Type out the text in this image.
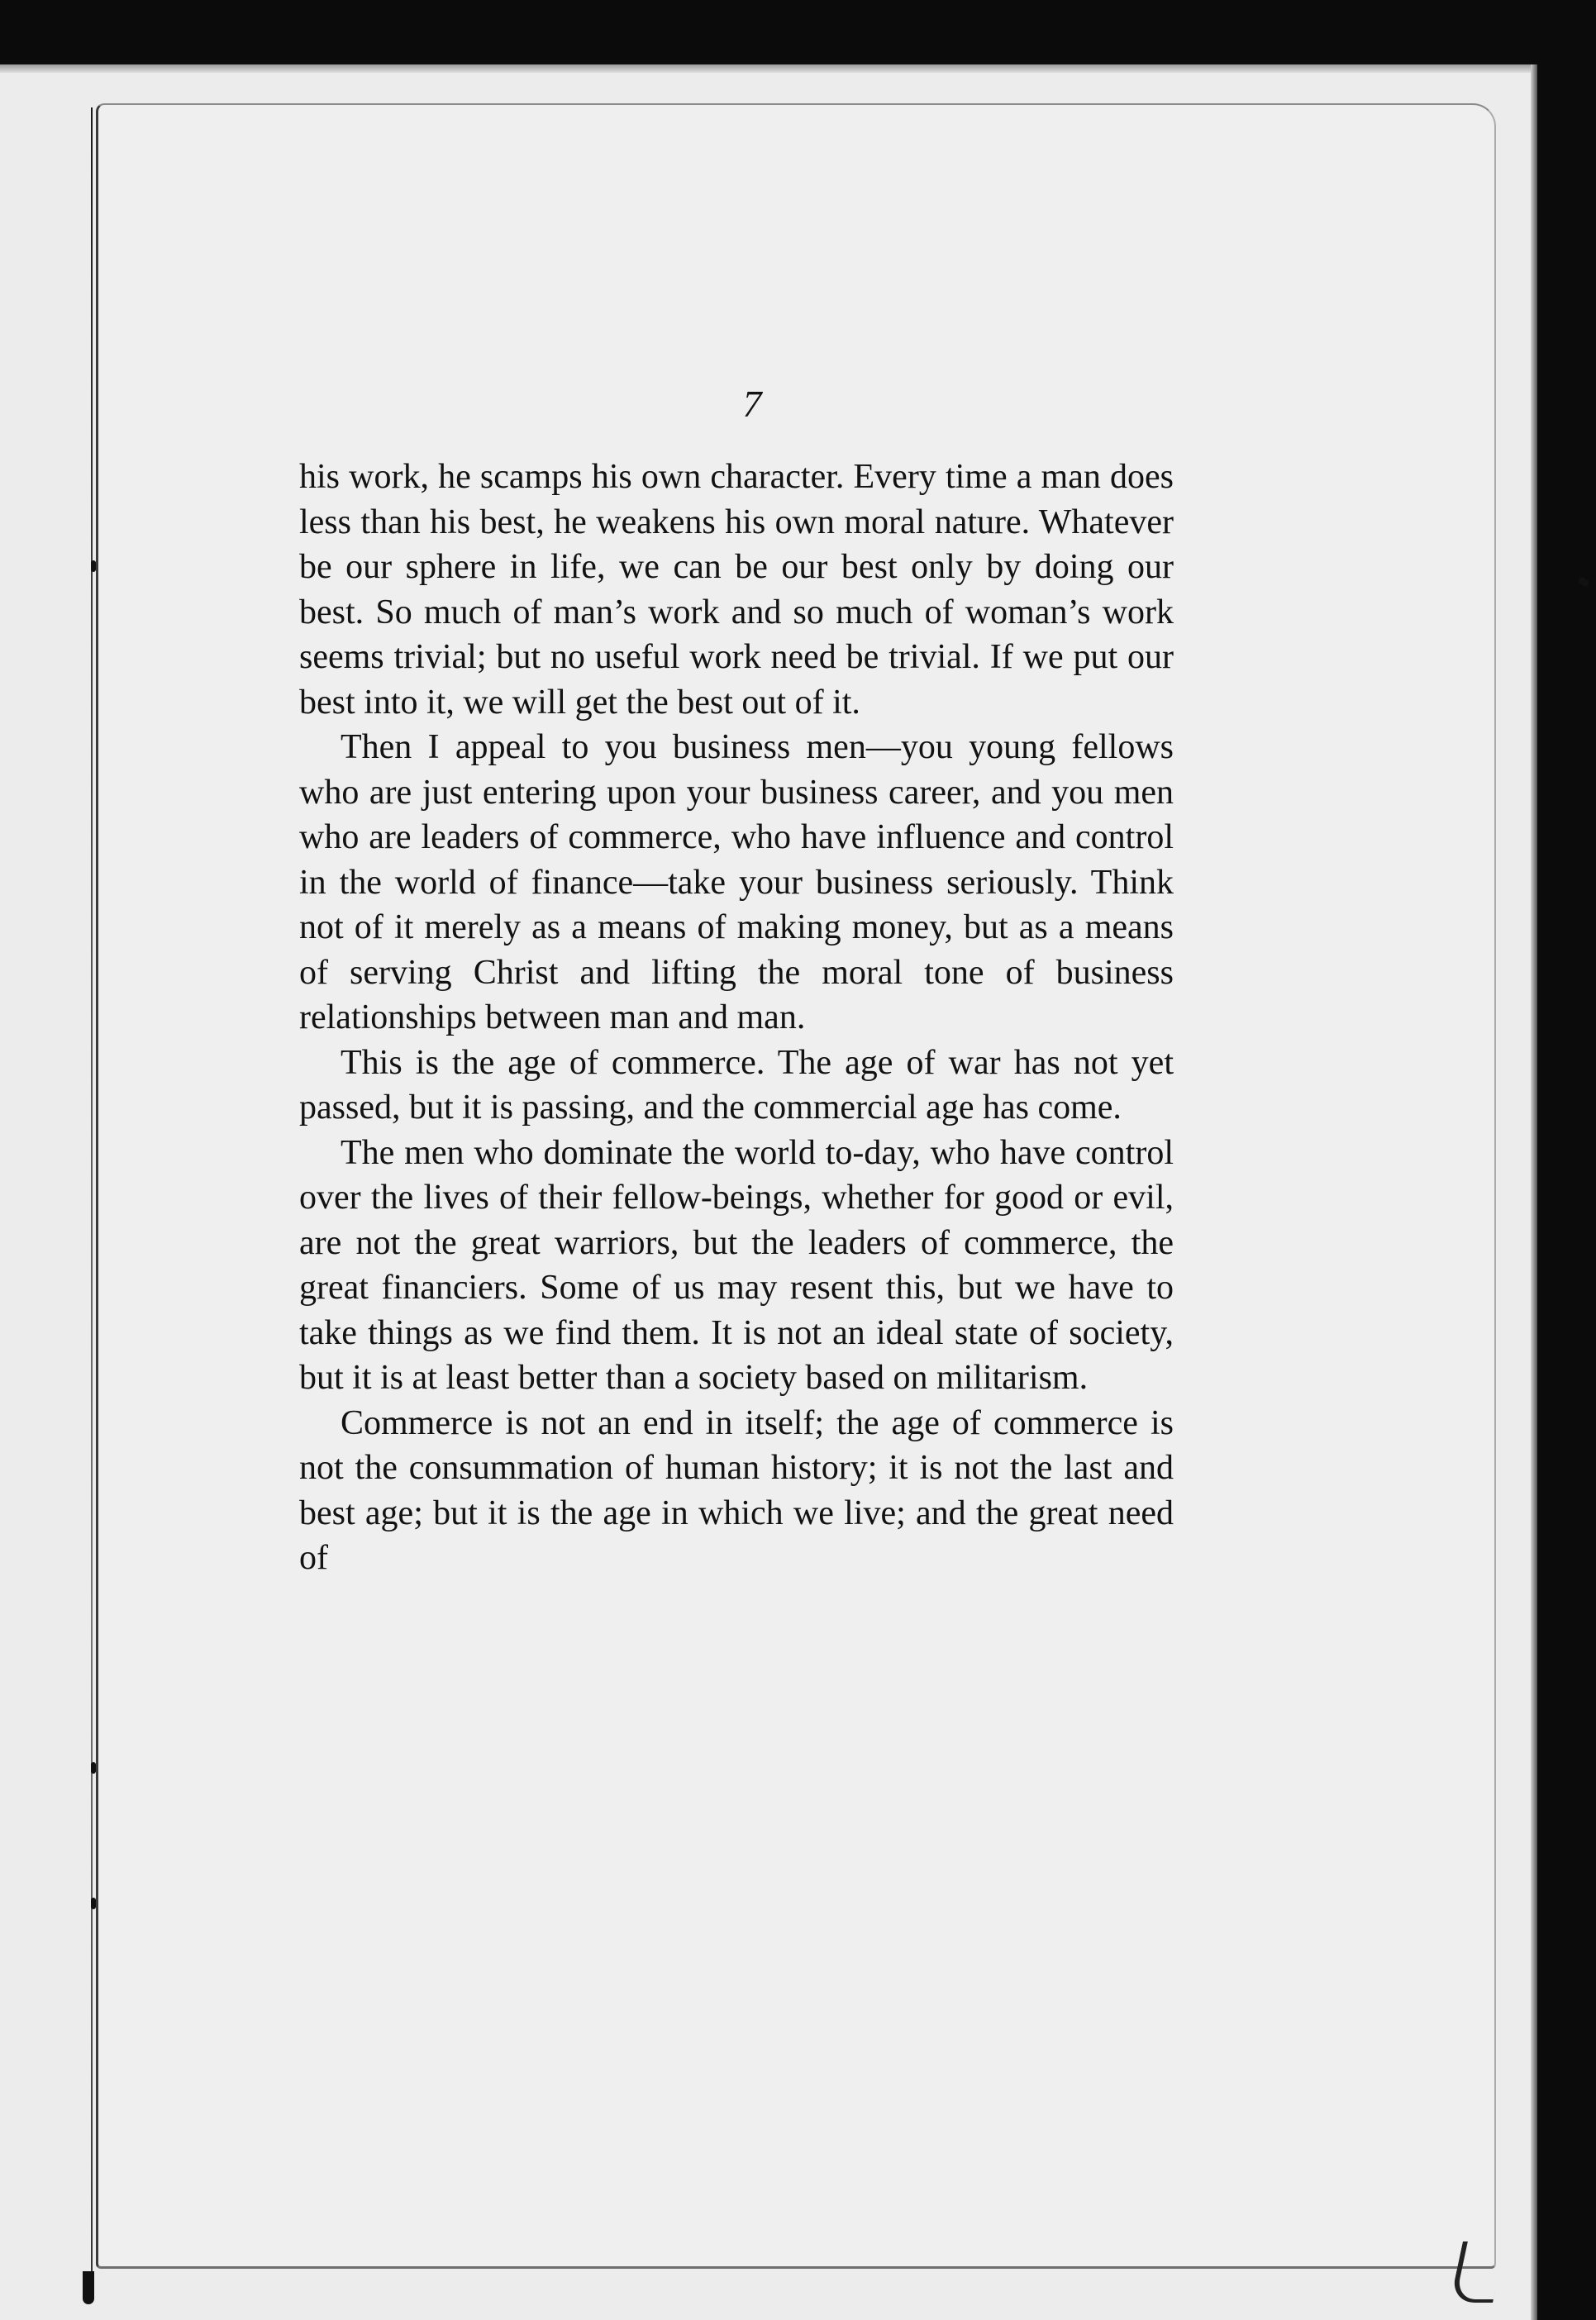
7

his work, he scamps his own character. Every time a man does less than his best, he weakens his own moral nature. Whatever be our sphere in life, we can be our best only by doing our best. So much of man’s work and so much of woman’s work seems trivial; but no useful work need be trivial. If we put our best into it, we will get the best out of it.

Then I appeal to you business men—you young fellows who are just entering upon your business career, and you men who are leaders of commerce, who have influence and control in the world of finance—take your business seriously. Think not of it merely as a means of making money, but as a means of serving Christ and lifting the moral tone of business relationships between man and man.

This is the age of commerce. The age of war has not yet passed, but it is passing, and the commercial age has come.

The men who dominate the world to-day, who have control over the lives of their fellow-beings, whether for good or evil, are not the great warriors, but the leaders of commerce, the great financiers. Some of us may resent this, but we have to take things as we find them. It is not an ideal state of society, but it is at least better than a society based on militarism.

Commerce is not an end in itself; the age of commerce is not the consummation of human history; it is not the last and best age; but it is the age in which we live; and the great need of
